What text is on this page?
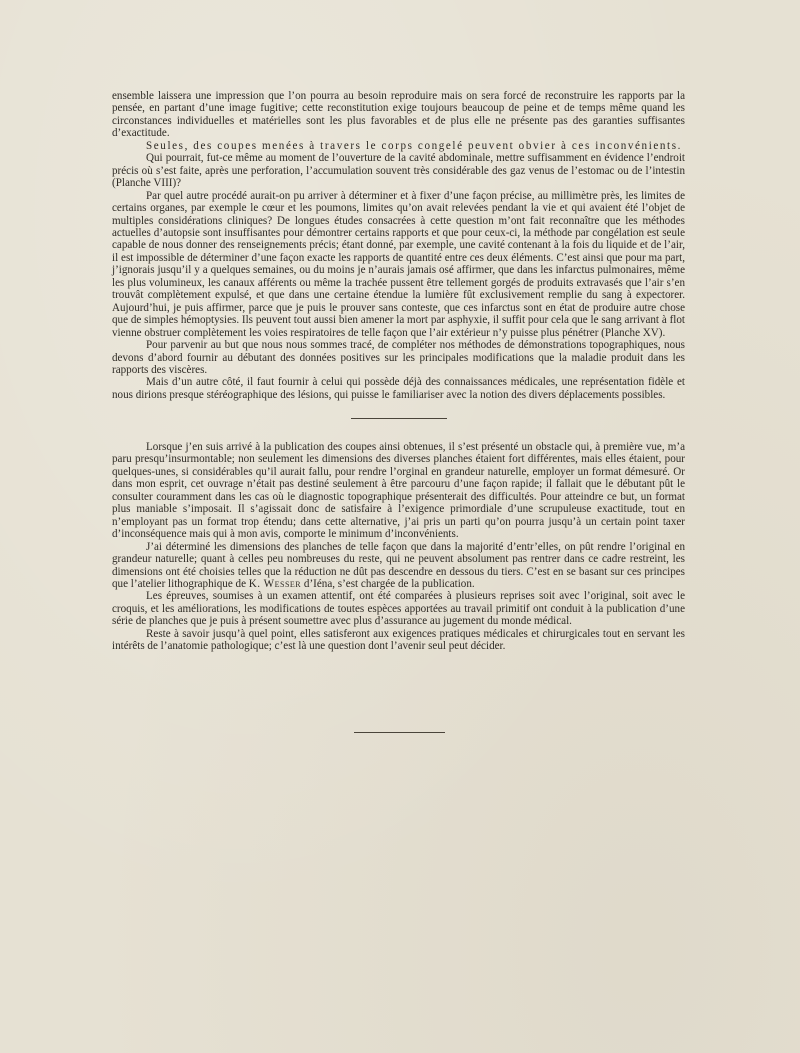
ensemble laissera une impression que l’on pourra au besoin reproduire mais on sera forcé de reconstruire les rapports par la pensée, en partant d’une image fugitive; cette reconstitution exige toujours beaucoup de peine et de temps même quand les circonstances individuelles et matérielles sont les plus favorables et de plus elle ne présente pas des garanties suffisantes d’exactitude.

Seules, des coupes menées à travers le corps congelé peuvent obvier à ces inconvénients.

Qui pourrait, fut-ce même au moment de l’ouverture de la cavité abdominale, mettre suffisamment en évidence l’endroit précis où s’est faite, après une perforation, l’accumulation souvent très considérable des gaz venus de l’estomac ou de l’intestin (Planche VIII)?

Par quel autre procédé aurait-on pu arriver à déterminer et à fixer d’une façon précise, au millimètre près, les limites de certains organes, par exemple le cœur et les poumons, limites qu’on avait relevées pendant la vie et qui avaient été l’objet de multiples considérations cliniques? De longues études consacrées à cette question m’ont fait reconnaître que les méthodes actuelles d’autopsie sont insuffisantes pour démontrer certains rapports et que pour ceux-ci, la méthode par congélation est seule capable de nous donner des renseignements précis; étant donné, par exemple, une cavité contenant à la fois du liquide et de l’air, il est impossible de déterminer d’une façon exacte les rapports de quantité entre ces deux éléments. C’est ainsi que pour ma part, j’ignorais jusqu’il y a quelques semaines, ou du moins je n’aurais jamais osé affirmer, que dans les infarctus pulmonaires, même les plus volumineux, les canaux afférents ou même la trachée pussent être tellement gorgés de produits extravasés que l’air s’en trouvât complètement expulsé, et que dans une certaine étendue la lumière fût exclusivement remplie du sang à expectorer. Aujourd’hui, je puis affirmer, parce que je puis le prouver sans conteste, que ces infarctus sont en état de produire autre chose que de simples hémoptysies. Ils peuvent tout aussi bien amener la mort par asphyxie, il suffit pour cela que le sang arrivant à flot vienne obstruer complètement les voies respiratoires de telle façon que l’air extérieur n’y puisse plus pénétrer (Planche XV).

Pour parvenir au but que nous nous sommes tracé, de compléter nos méthodes de démonstrations topographiques, nous devons d’abord fournir au débutant des données positives sur les principales modifications que la maladie produit dans les rapports des viscères.

Mais d’un autre côté, il faut fournir à celui qui possède déjà des connaissances médicales, une représentation fidèle et nous dirions presque stéréographique des lésions, qui puisse le familiariser avec la notion des divers déplacements possibles.

Lorsque j’en suis arrivé à la publication des coupes ainsi obtenues, il s’est présenté un obstacle qui, à première vue, m’a paru presqu’insurmontable; non seulement les dimensions des diverses planches étaient fort différentes, mais elles étaient, pour quelques-unes, si considérables qu’il aurait fallu, pour rendre l’orginal en grandeur naturelle, employer un format démesuré. Or dans mon esprit, cet ouvrage n’était pas destiné seulement à être parcouru d’une façon rapide; il fallait que le débutant pût le consulter couramment dans les cas où le diagnostic topographique présenterait des difficultés. Pour atteindre ce but, un format plus maniable s’imposait. Il s’agissait donc de satisfaire à l’exigence primordiale d’une scrupuleuse exactitude, tout en n’employant pas un format trop étendu; dans cette alternative, j’ai pris un parti qu’on pourra jusqu’à un certain point taxer d’inconséquence mais qui à mon avis, comporte le minimum d’inconvénients.

J’ai déterminé les dimensions des planches de telle façon que dans la majorité d’entr’elles, on pût rendre l’original en grandeur naturelle; quant à celles peu nombreuses du reste, qui ne peuvent absolument pas rentrer dans ce cadre restreint, les dimensions ont été choisies telles que la réduction ne dût pas descendre en dessous du tiers. C’est en se basant sur ces principes que l’atelier lithographique de K. Wesser d’Iéna, s’est chargée de la publication.

Les épreuves, soumises à un examen attentif, ont été comparées à plusieurs reprises soit avec l’original, soit avec le croquis, et les améliorations, les modifications de toutes espèces apportées au travail primitif ont conduit à la publication d’une série de planches que je puis à présent soumettre avec plus d’assurance au jugement du monde médical.

Reste à savoir jusqu’à quel point, elles satisferont aux exigences pratiques médicales et chirurgicales tout en servant les intérêts de l’anatomie pathologique; c’est là une question dont l’avenir seul peut décider.
